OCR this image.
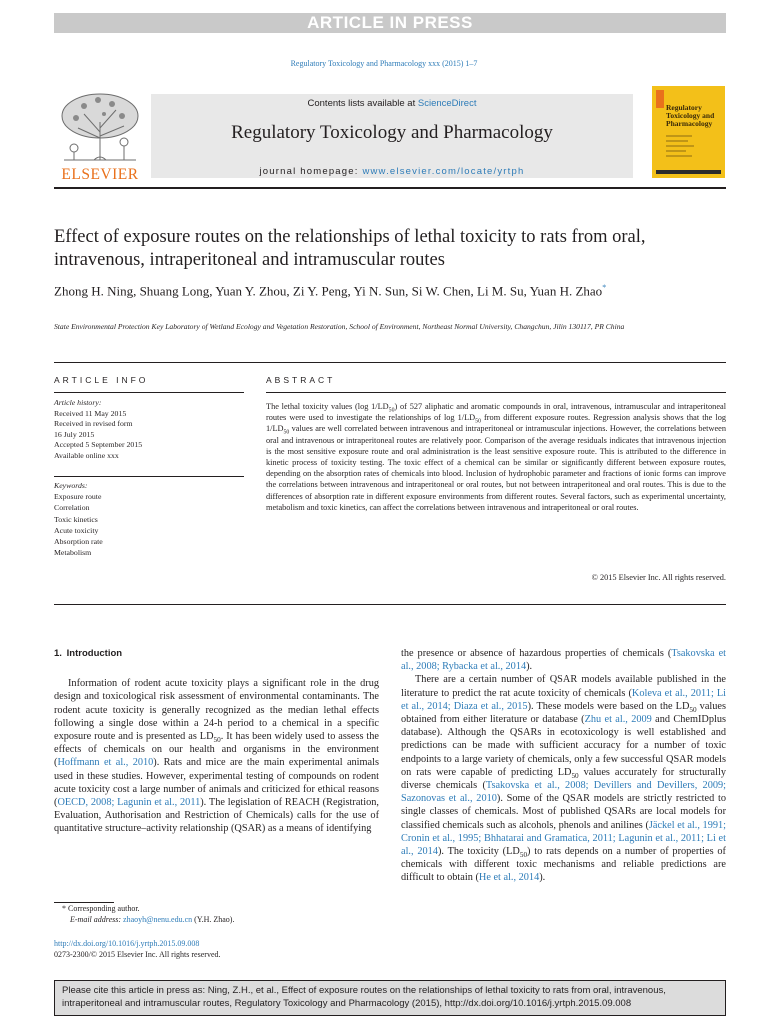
ARTICLE IN PRESS
Regulatory Toxicology and Pharmacology xxx (2015) 1–7
ELSEVIER
Contents lists available at ScienceDirect
Regulatory Toxicology and Pharmacology
journal homepage: www.elsevier.com/locate/yrtph
Regulatory Toxicology and Pharmacology
Effect of exposure routes on the relationships of lethal toxicity to rats from oral, intravenous, intraperitoneal and intramuscular routes
Zhong H. Ning, Shuang Long, Yuan Y. Zhou, Zi Y. Peng, Yi N. Sun, Si W. Chen, Li M. Su, Yuan H. Zhao*
State Environmental Protection Key Laboratory of Wetland Ecology and Vegetation Restoration, School of Environment, Northeast Normal University, Changchun, Jilin 130117, PR China
ARTICLE INFO	ABSTRACT
Article history:
Received 11 May 2015
Received in revised form
16 July 2015
Accepted 5 September 2015
Available online xxx
Keywords:
Exposure route
Correlation
Toxic kinetics
Acute toxicity
Absorption rate
Metabolism
The lethal toxicity values (log $1/LD_{50}$) of 527 aliphatic and aromatic compounds in oral, intravenous, intramuscular and intraperitoneal routes were used to investigate the relationships of $\log 1/LD_{50}$ from different exposure routes. Regression analysis shows that the $\log 1/LD_{50}$ values are well correlated between intravenous and intraperitoneal or intramuscular injections. However, the correlations between oral and intravenous or intraperitoneal routes are relatively poor. Comparison of the average residuals indicates that intravenous injection is the most sensitive exposure route and oral administration is the least sensitive exposure route. This is attributed to the difference in kinetic process of toxicity testing. The toxic effect of a chemical can be similar or significantly different between exposure routes, depending on the absorption rates of chemicals into blood. Inclusion of hydrophobic parameter and fractions of ionic forms can improve the correlations between intravenous and intraperitoneal or oral routes, but not between intraperitoneal and oral routes. This is due to the differences of absorption rate in different exposure environments from different routes. Several factors, such as experimental uncertainty, metabolism and toxic kinetics, can affect the correlations between intravenous and intraperitoneal or oral routes.
© 2015 Elsevier Inc. All rights reserved.
1. Introduction

Information of rodent acute toxicity plays a significant role in the drug design and toxicological risk assessment of environmental contaminants. The rodent acute toxicity is generally recognized as the median lethal effects following a single dose within a 24-h period to a chemical in a specific exposure route and is presented as $LD_{50}$. It has been widely used to assess the effects of chemicals on our health and organisms in the environment (Hoffmann et al., 2010). Rats and mice are the main experimental animals used in these studies. However, experimental testing of compounds on rodent acute toxicity cost a large number of animals and criticized for ethical reasons (OECD, 2008; Lagunin et al., 2011). The legislation of REACH (Registration, Evaluation, Authorisation and Restriction of Chemicals) calls for the use of quantitative structure–activity relationship (QSAR) as a means of identifying

the presence or absence of hazardous properties of chemicals (Tsakovska et al., 2008; Rybacka et al., 2014).

There are a certain number of QSAR models available published in the literature to predict the rat acute toxicity of chemicals (Koleva et al., 2011; Li et al., 2014; Diaza et al., 2015). These models were based on the $LD_{50}$ values obtained from either literature or database (Zhu et al., 2009 and ChemIDplus database). Although the QSARs in ecotoxicology is well established and predictions can be made with sufficient accuracy for a number of toxic endpoints to a large variety of chemicals, only a few successful QSAR models on rats were capable of predicting $LD_{50}$ values accurately for structurally diverse chemicals (Tsakovska et al., 2008; Devillers and Devillers, 2009; Sazonovas et al., 2010). Some of the QSAR models are strictly restricted to single classes of chemicals. Most of published QSARs are local models for classified chemicals such as alcohols, phenols and anilines (Jäckel et al., 1991; Cronin et al., 1995; Bhhatarai and Gramatica, 2011; Lagunin et al., 2011; Li et al., 2014). The toxicity $(LD_{50})$ to rats depends on a number of properties of chemicals with different toxic mechanisms and reliable predictions are difficult to obtain (He et al., 2014).

* Corresponding author.
E-mail address: zhaoyh@nenu.edu.cn (Y.H. Zhao).
http://dx.doi.org/10.1016/j.yrtph.2015.09.008
0273-2300/© 2015 Elsevier Inc. All rights reserved.
Please cite this article in press as: Ning, Z.H., et al., Effect of exposure routes on the relationships of lethal toxicity to rats from oral, intravenous, intraperitoneal and intramuscular routes, Regulatory Toxicology and Pharmacology (2015), http://dx.doi.org/10.1016/j.yrtph.2015.09.008
